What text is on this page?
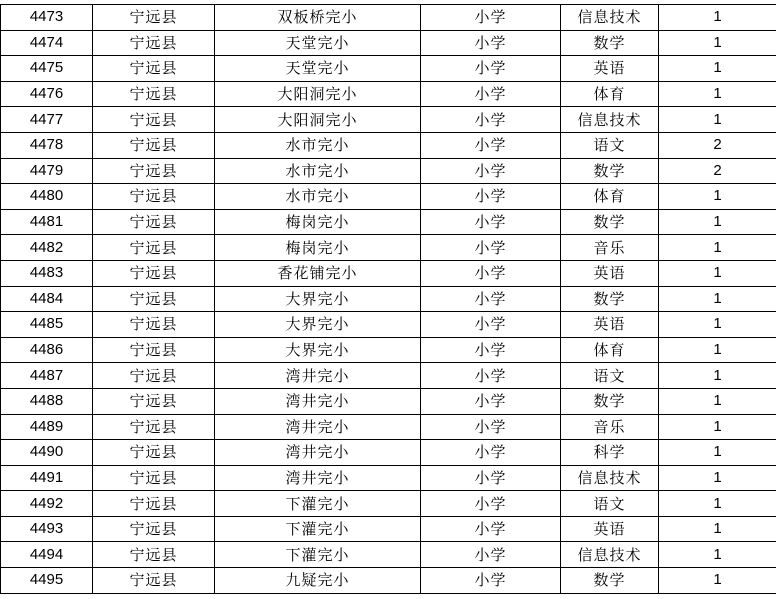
4473	宁远县	双板桥完小	小学	信息技术	1
4474	宁远县	天堂完小	小学	数学	1
4475	宁远县	天堂完小	小学	英语	1
4476	宁远县	大阳洞完小	小学	体育	1
4477	宁远县	大阳洞完小	小学	信息技术	1
4478	宁远县	水市完小	小学	语文	2
4479	宁远县	水市完小	小学	数学	2
4480	宁远县	水市完小	小学	体育	1
4481	宁远县	梅岗完小	小学	数学	1
4482	宁远县	梅岗完小	小学	音乐	1
4483	宁远县	香花铺完小	小学	英语	1
4484	宁远县	大界完小	小学	数学	1
4485	宁远县	大界完小	小学	英语	1
4486	宁远县	大界完小	小学	体育	1
4487	宁远县	湾井完小	小学	语文	1
4488	宁远县	湾井完小	小学	数学	1
4489	宁远县	湾井完小	小学	音乐	1
4490	宁远县	湾井完小	小学	科学	1
4491	宁远县	湾井完小	小学	信息技术	1
4492	宁远县	下灌完小	小学	语文	1
4493	宁远县	下灌完小	小学	英语	1
4494	宁远县	下灌完小	小学	信息技术	1
4495	宁远县	九疑完小	小学	数学	1
